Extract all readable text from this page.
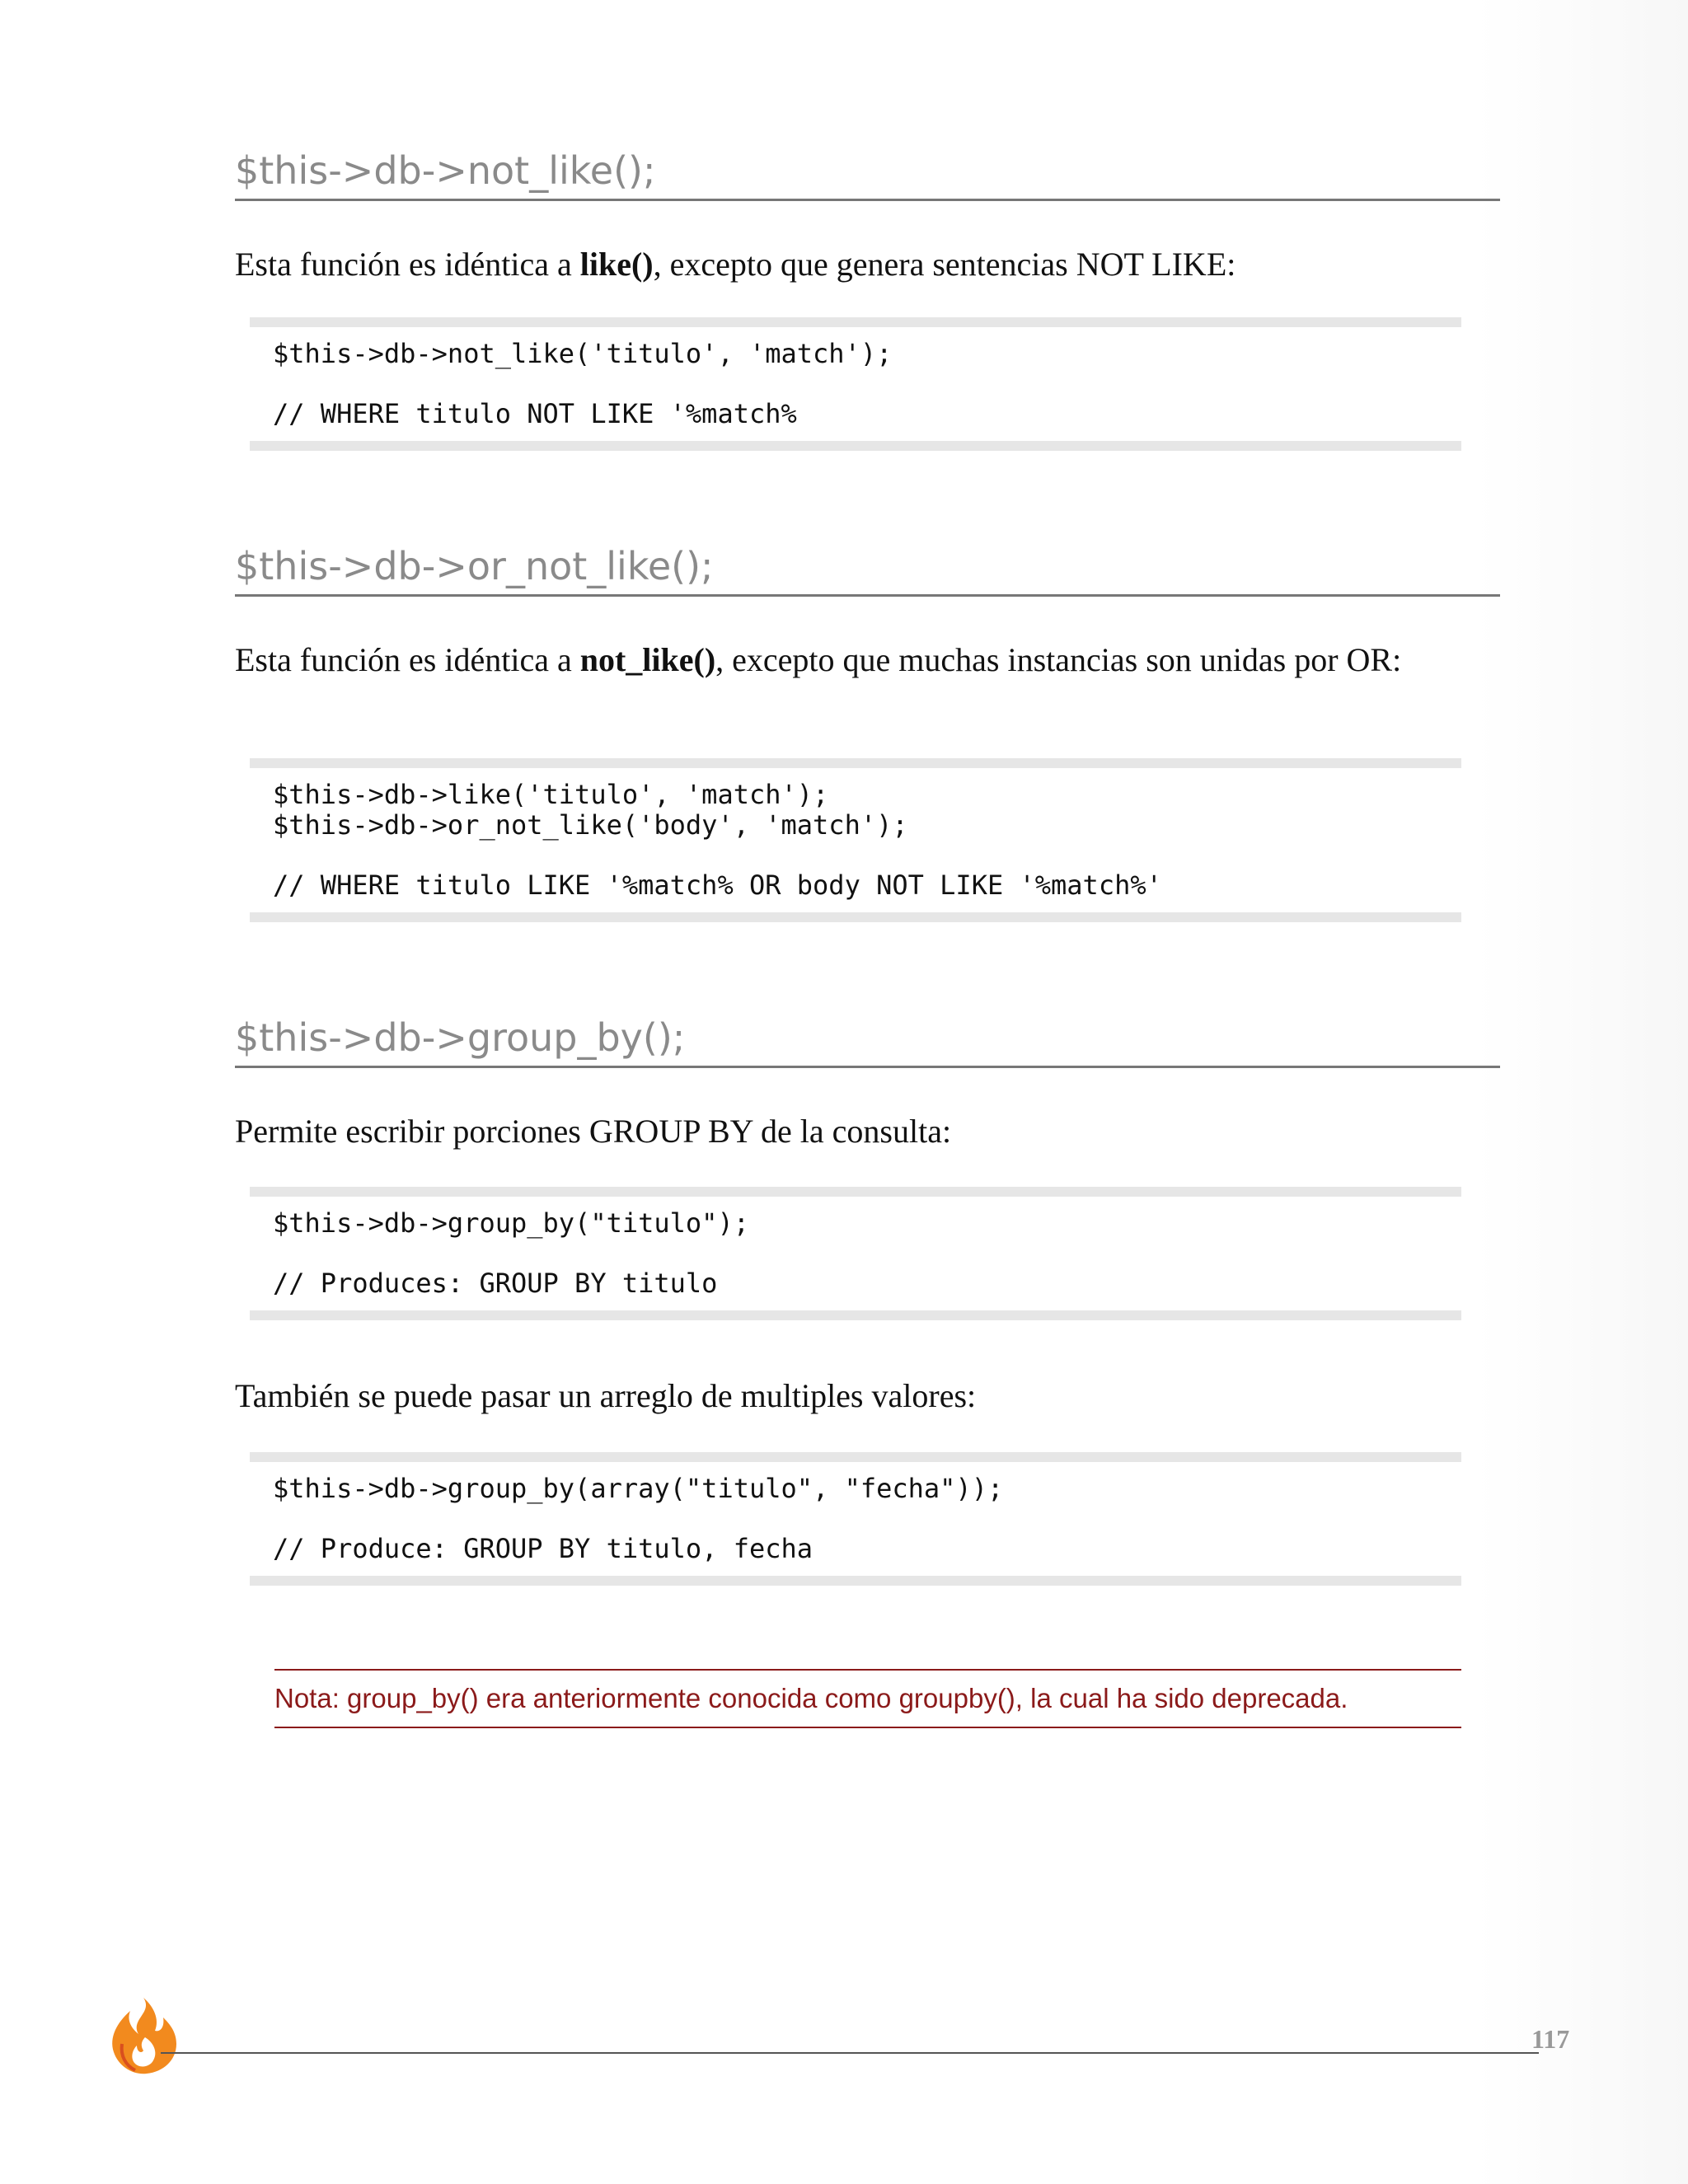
$this->db->not_like();
Esta función es idéntica a like(), excepto que genera sentencias NOT LIKE:
$this->db->not_like('titulo', 'match');
// WHERE titulo NOT LIKE '%match%
$this->db->or_not_like();
Esta función es idéntica a not_like(), excepto que muchas instancias son unidas por OR:
$this->db->like('titulo', 'match');
$this->db->or_not_like('body', 'match');
// WHERE titulo LIKE '%match% OR body NOT LIKE '%match%'
$this->db->group_by();
Permite escribir porciones GROUP BY de la consulta:
$this->db->group_by("titulo");
// Produces: GROUP BY titulo
También se puede pasar un arreglo de multiples valores:
$this->db->group_by(array("titulo", "fecha"));
// Produce: GROUP BY titulo, fecha
Nota: group_by() era anteriormente conocida como groupby(), la cual ha sido deprecada.
117
